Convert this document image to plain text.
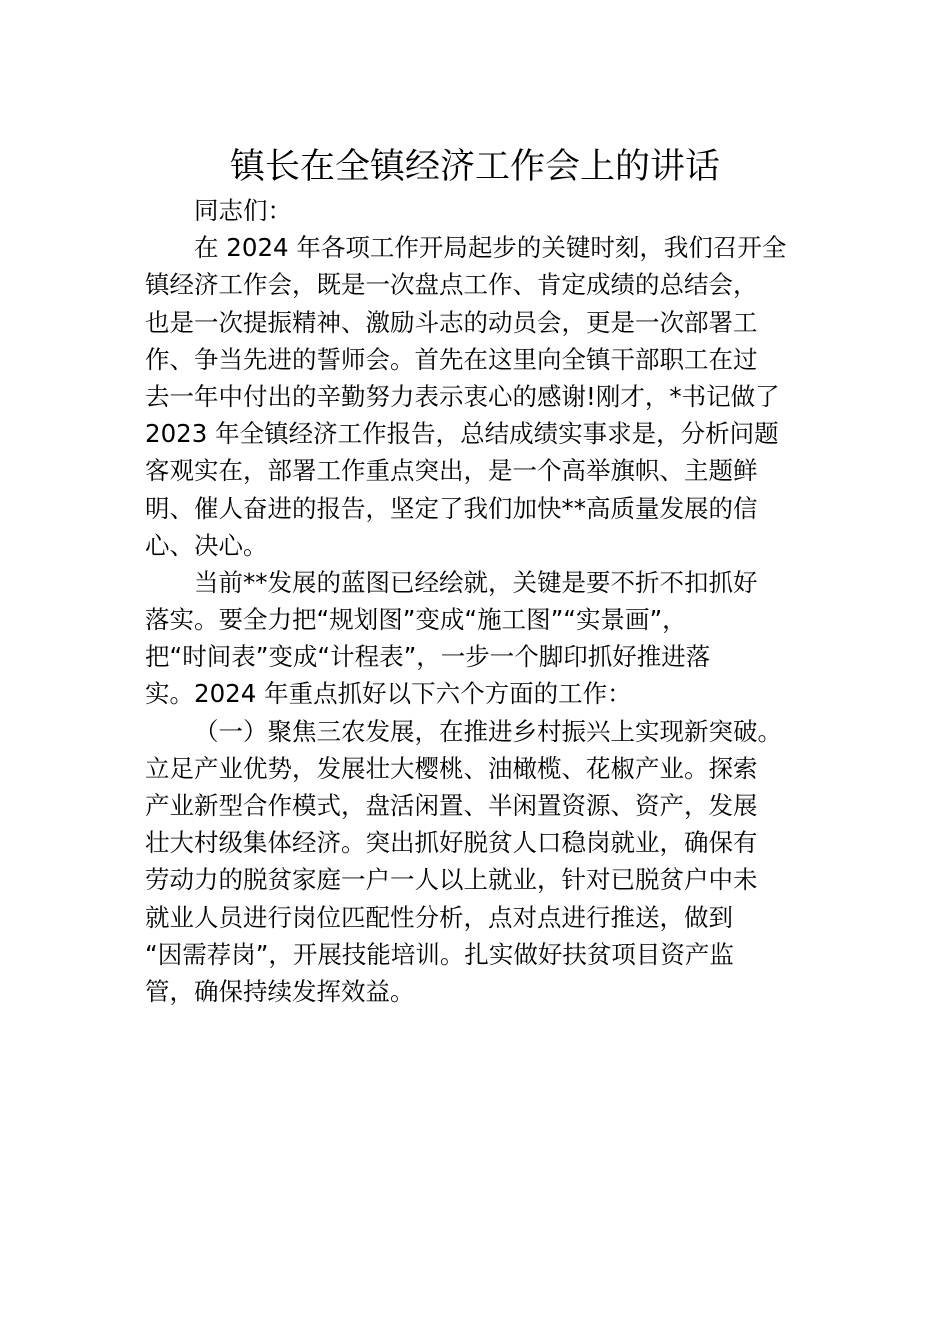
镇长在全镇经济工作会上的讲话
同志们：
在 2024 年各项工作开局起步的关键时刻，我们召开全
镇经济工作会，既是一次盘点工作、肯定成绩的总结会，
也是一次提振精神、激励斗志的动员会，更是一次部署工
作、争当先进的誓师会。首先在这里向全镇干部职工在过
去一年中付出的辛勤努力表示衷心的感谢!刚才，*书记做了
2023 年全镇经济工作报告，总结成绩实事求是，分析问题
客观实在，部署工作重点突出，是一个高举旗帜、主题鲜
明、催人奋进的报告，坚定了我们加快**高质量发展的信
心、决心。
当前**发展的蓝图已经绘就，关键是要不折不扣抓好
落实。要全力把“规划图”变成“施工图”“实景画”，
把“时间表”变成“计程表”，一步一个脚印抓好推进落
实。2024 年重点抓好以下六个方面的工作：
（一）聚焦三农发展，在推进乡村振兴上实现新突破。
立足产业优势，发展壮大樱桃、油橄榄、花椒产业。探索
产业新型合作模式，盘活闲置、半闲置资源、资产，发展
壮大村级集体经济。突出抓好脱贫人口稳岗就业，确保有
劳动力的脱贫家庭一户一人以上就业，针对已脱贫户中未
就业人员进行岗位匹配性分析，点对点进行推送，做到
“因需荐岗”，开展技能培训。扎实做好扶贫项目资产监
管，确保持续发挥效益。
